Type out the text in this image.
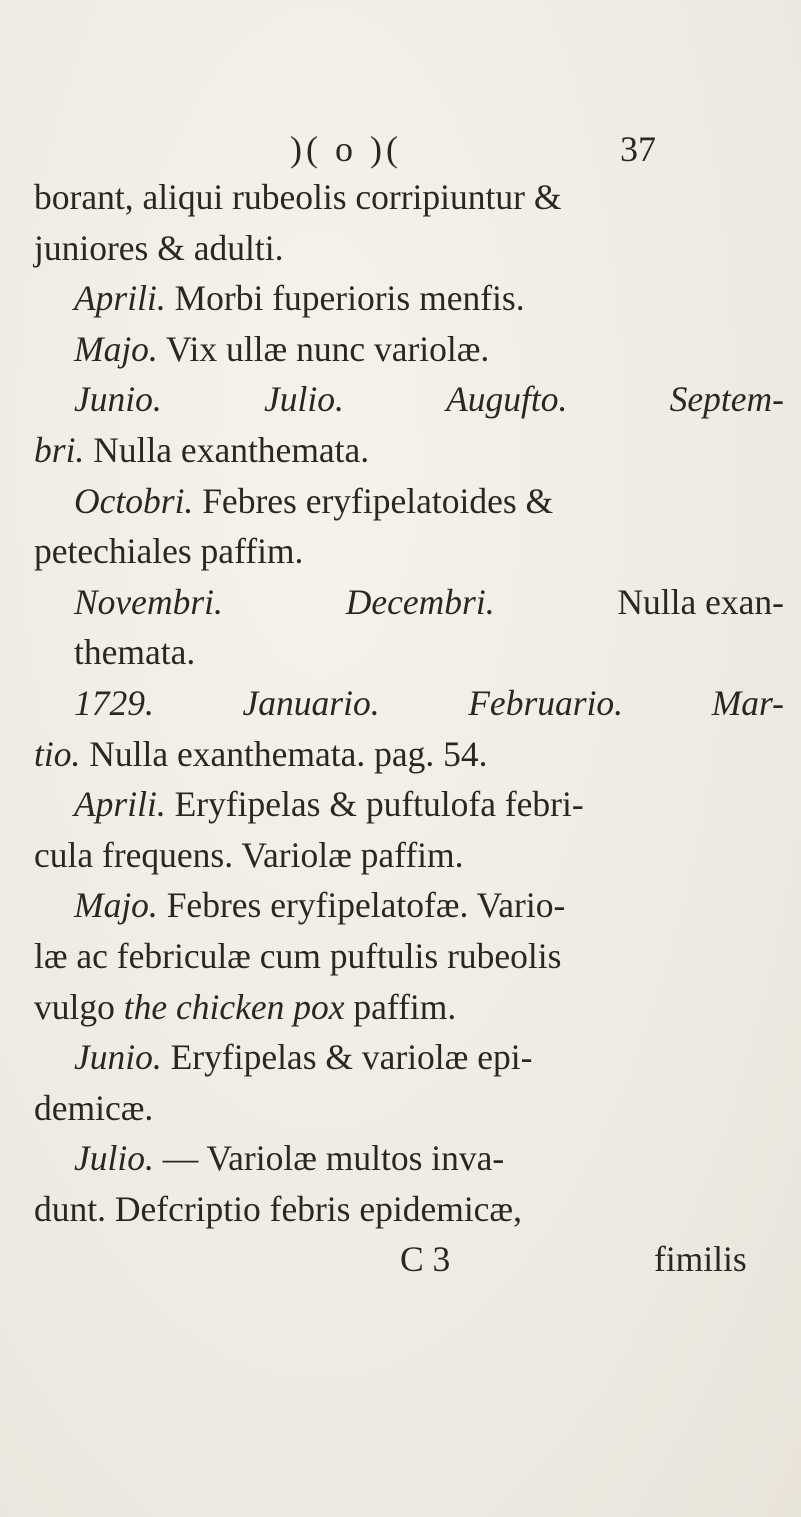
)( o )(	37
borant, aliqui rubeolis corripiuntur &
juniores & adulti.
Aprili. Morbi fuperioris menfis.
Majo. Vix ullæ nunc variolæ.
Junio.	Julio.	Augufto.	Septem-
bri. Nulla exanthemata.
Octobri. Febres eryfipelatoides &
petechiales paffim.
Novembri.	Decembri.	Nulla exan-
themata.
1729. Januario. Februario. Mar-
tio. Nulla exanthemata. pag. 54.
Aprili. Eryfipelas & puftulofa febri-
cula frequens. Variolæ paffim.
Majo. Febres eryfipelatofæ. Vario-
læ ac febriculæ cum puftulis rubeolis
vulgo the chicken pox paffim.
Junio. Eryfipelas & variolæ epi-
demicæ.
Julio. — Variolæ multos inva-
dunt. Defcriptio febris epidemicæ,
C 3	fimilis
